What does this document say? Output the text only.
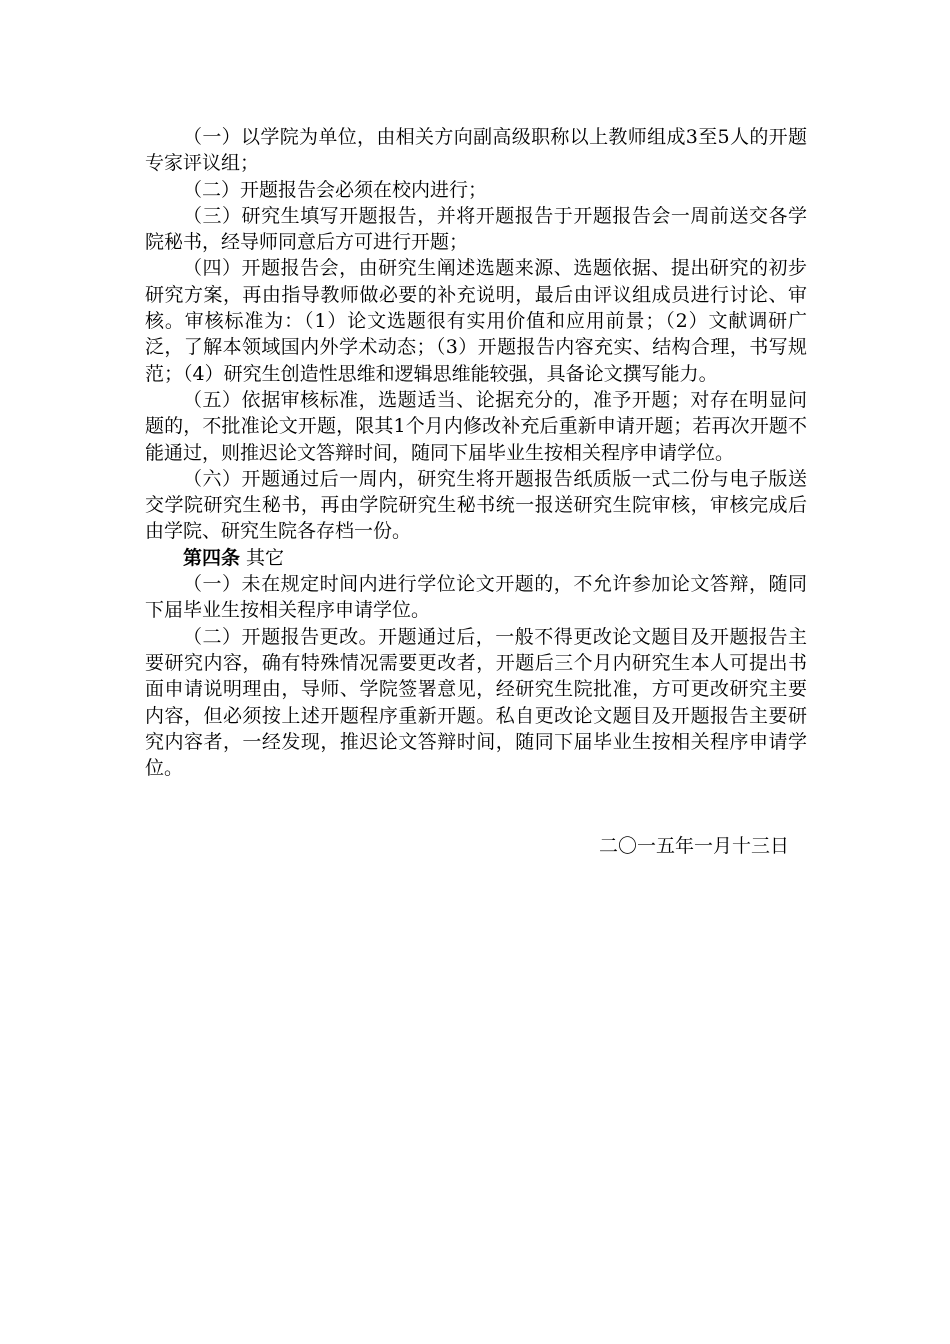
（一）以学院为单位，由相关方向副高级职称以上教师组成3至5人的开题专家评议组；

（二）开题报告会必须在校内进行；

（三）研究生填写开题报告，并将开题报告于开题报告会一周前送交各学院秘书，经导师同意后方可进行开题；

（四）开题报告会，由研究生阐述选题来源、选题依据、提出研究的初步研究方案，再由指导教师做必要的补充说明，最后由评议组成员进行讨论、审核。审核标准为：（1）论文选题很有实用价值和应用前景；（2）文献调研广泛，了解本领域国内外学术动态；（3）开题报告内容充实、结构合理，书写规范；（4）研究生创造性思维和逻辑思维能较强，具备论文撰写能力。

（五）依据审核标准，选题适当、论据充分的，准予开题；对存在明显问题的，不批准论文开题，限其1个月内修改补充后重新申请开题；若再次开题不能通过，则推迟论文答辩时间，随同下届毕业生按相关程序申请学位。

（六）开题通过后一周内，研究生将开题报告纸质版一式二份与电子版送交学院研究生秘书，再由学院研究生秘书统一报送研究生院审核，审核完成后由学院、研究生院各存档一份。

第四条 其它

（一）未在规定时间内进行学位论文开题的，不允许参加论文答辩，随同下届毕业生按相关程序申请学位。

（二）开题报告更改。开题通过后，一般不得更改论文题目及开题报告主要研究内容，确有特殊情况需要更改者，开题后三个月内研究生本人可提出书面申请说明理由，导师、学院签署意见，经研究生院批准，方可更改研究主要内容，但必须按上述开题程序重新开题。私自更改论文题目及开题报告主要研究内容者，一经发现，推迟论文答辩时间，随同下届毕业生按相关程序申请学位。

二〇一五年一月十三日
